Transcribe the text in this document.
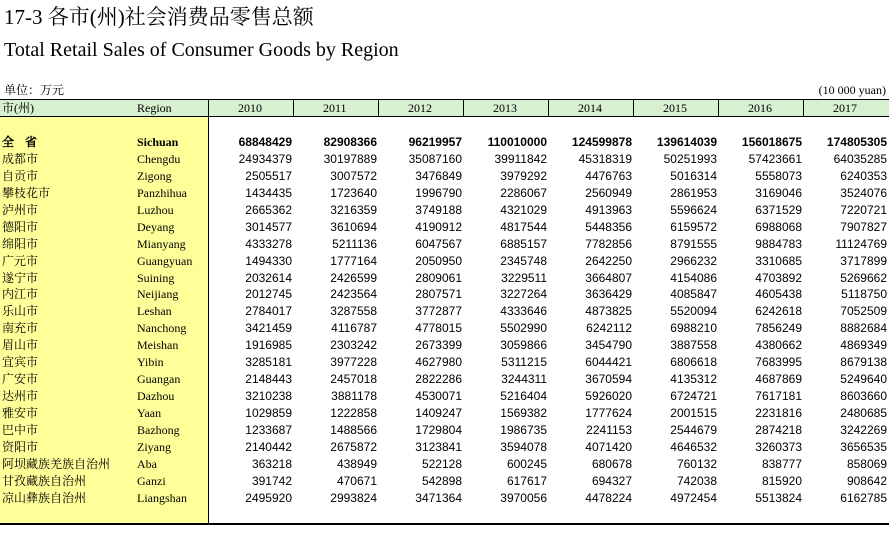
17-3 各市(州)社会消费品零售总额
Total Retail Sales of Consumer Goods by Region
单位：万元	(10 000 yuan)
市(州)	Region	2010	2011	2012	2013	2014	2015	2016	2017
全 省	Sichuan	68848429	82908366	96219957	110010000	124599878	139614039	156018675	174805305
成都市	Chengdu	24934379	30197889	35087160	39911842	45318319	50251993	57423661	64035285
自贡市	Zigong	2505517	3007572	3476849	3979292	4476763	5016314	5558073	6240353
攀枝花市	Panzhihua	1434435	1723640	1996790	2286067	2560949	2861953	3169046	3524076
泸州市	Luzhou	2665362	3216359	3749188	4321029	4913963	5596624	6371529	7220721
德阳市	Deyang	3014577	3610694	4190912	4817544	5448356	6159572	6988068	7907827
绵阳市	Mianyang	4333278	5211136	6047567	6885157	7782856	8791555	9884783	11124769
广元市	Guangyuan	1494330	1777164	2050950	2345748	2642250	2966232	3310685	3717899
遂宁市	Suining	2032614	2426599	2809061	3229511	3664807	4154086	4703892	5269662
内江市	Neijiang	2012745	2423564	2807571	3227264	3636429	4085847	4605438	5118750
乐山市	Leshan	2784017	3287558	3772877	4333646	4873825	5520094	6242618	7052509
南充市	Nanchong	3421459	4116787	4778015	5502990	6242112	6988210	7856249	8882684
眉山市	Meishan	1916985	2303242	2673399	3059866	3454790	3887558	4380662	4869349
宜宾市	Yibin	3285181	3977228	4627980	5311215	6044421	6806618	7683995	8679138
广安市	Guangan	2148443	2457018	2822286	3244311	3670594	4135312	4687869	5249640
达州市	Dazhou	3210238	3881178	4530071	5216404	5926020	6724721	7617181	8603660
雅安市	Yaan	1029859	1222858	1409247	1569382	1777624	2001515	2231816	2480685
巴中市	Bazhong	1233687	1488566	1729804	1986735	2241153	2544679	2874218	3242269
资阳市	Ziyang	2140442	2675872	3123841	3594078	4071420	4646532	3260373	3656535
阿坝藏族羌族自治州 Aba	363218	438949	522128	600245	680678	760132	838777	858069
甘孜藏族自治州	Ganzi	391742	470671	542898	617617	694327	742038	815920	908642
凉山彝族自治州	Liangshan	2495920	2993824	3471364	3970056	4478224	4972454	5513824	6162785
